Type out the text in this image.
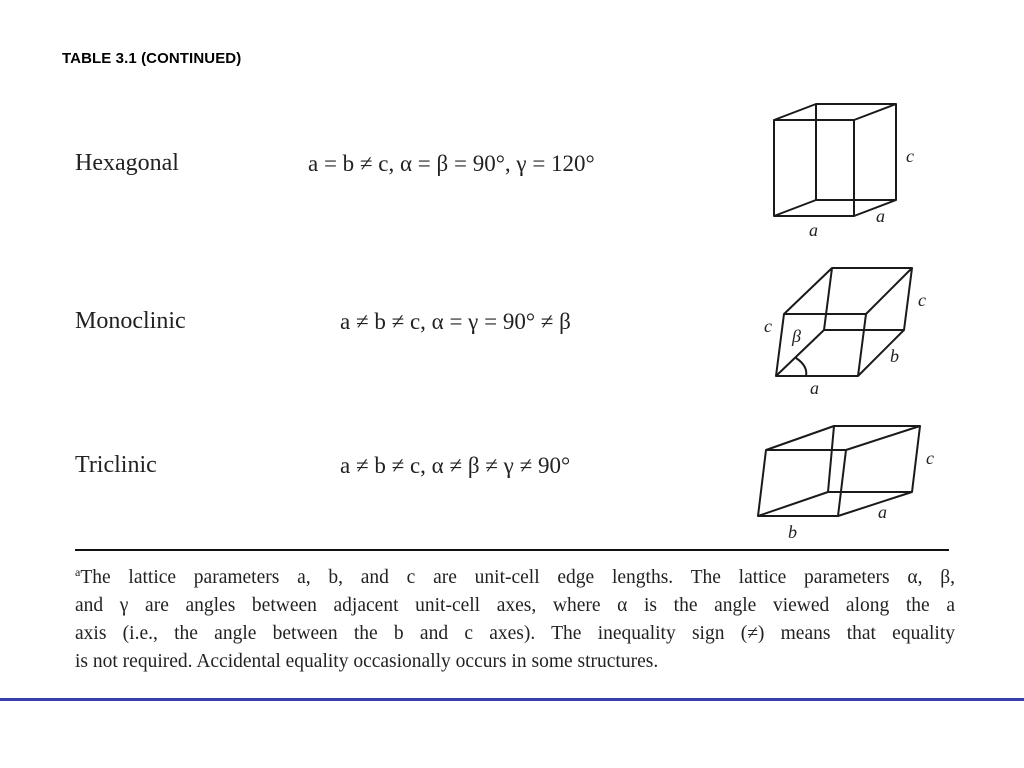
TABLE 3.1 (CONTINUED)
Hexagonal	a = b ≠ c, α = β = 90°, γ = 120°	c
a
a
Monoclinic	a ≠ b ≠ c, α = γ = 90° ≠ β
c
c β
b
a
Triclinic	a ≠ b ≠ c, α ≠ β ≠ γ ≠ 90°	c
a
b
$^a$The lattice parameters a, b, and c are unit-cell edge lengths. The lattice parameters α, β,
and γ are angles between adjacent unit-cell axes, where α is the angle viewed along the a
axis (i.e., the angle between the b and c axes). The inequality sign (≠) means that equality
is not required. Accidental equality occasionally occurs in some structures.
